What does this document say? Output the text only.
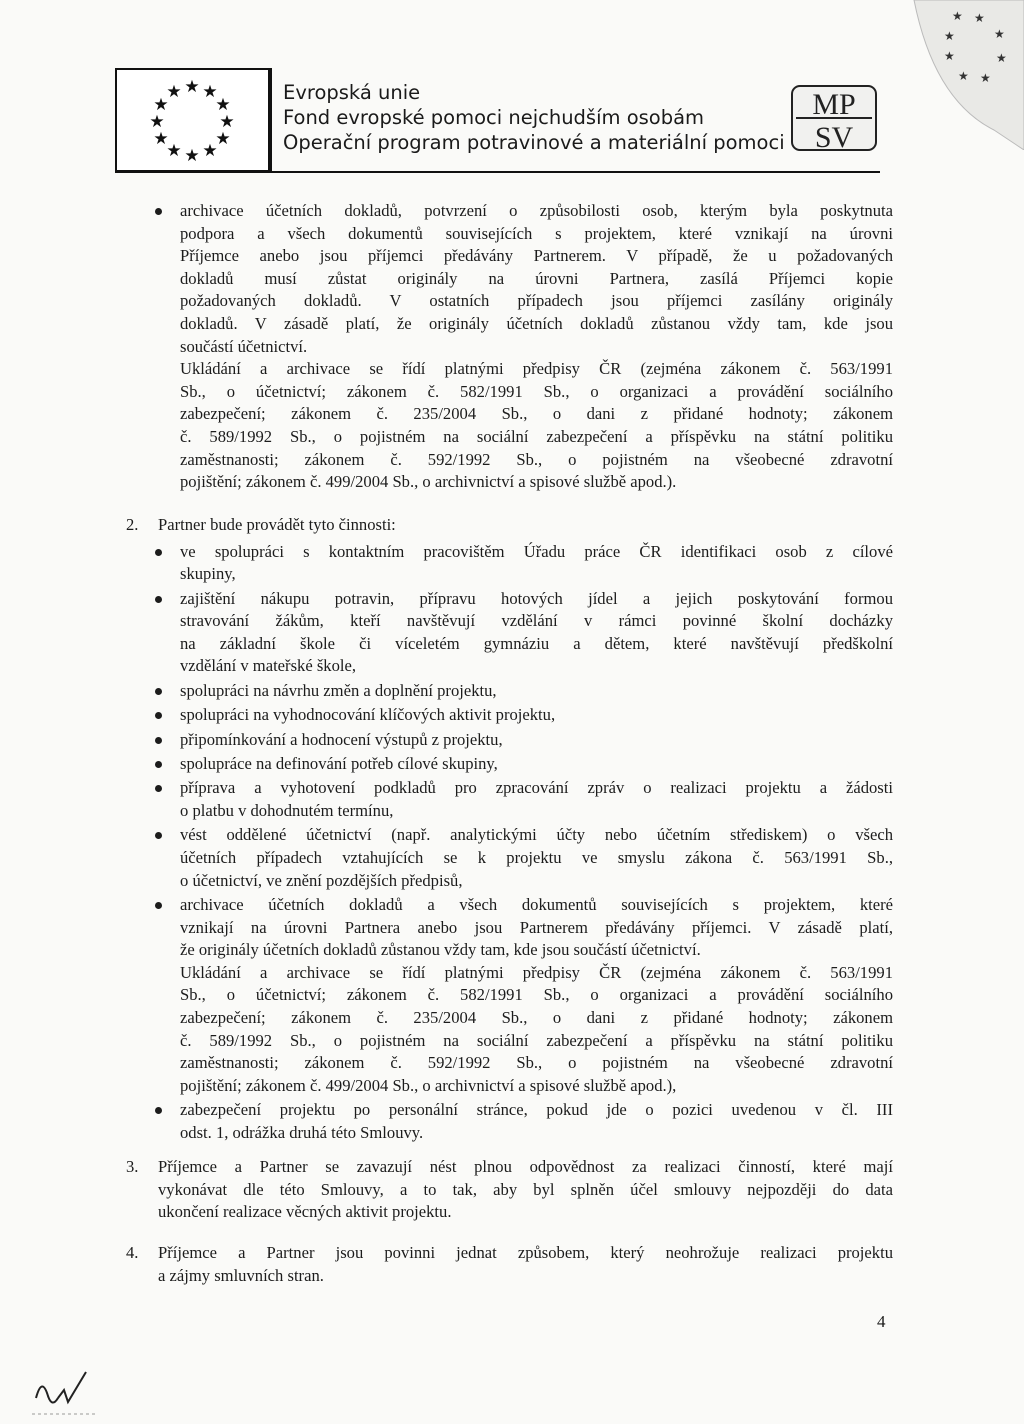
★ ★
★	★
★	★
★ ★
★ ★
★
★
★
★
★
★
★
★
★
★	Evropská unie
Fond evropské pomoci nejchudším osobám
Operační program potravinové a materiální pomoci
MP
SV
archivace účetních dokladů, potvrzení o způsobilosti osob, kterým byla poskytnuta
podpora a všech dokumentů souvisejících s projektem, které vznikají na úrovni
Příjemce anebo jsou příjemci předávány Partnerem. V případě, že u požadovaných
dokladů musí zůstat originály na úrovni Partnera, zasílá Příjemci kopie
požadovaných dokladů. V ostatních případech jsou příjemci zasílány originály
dokladů. V zásadě platí, že originály účetních dokladů zůstanou vždy tam, kde jsou
součástí účetnictví.
Ukládání a archivace se řídí platnými předpisy ČR (zejména zákonem č. 563/1991
Sb., o účetnictví; zákonem č. 582/1991 Sb., o organizaci a provádění sociálního
zabezpečení; zákonem č. 235/2004 Sb., o dani z přidané hodnoty; zákonem
č. 589/1992 Sb., o pojistném na sociální zabezpečení a příspěvku na státní politiku
zaměstnanosti; zákonem č. 592/1992 Sb., o pojistném na všeobecné zdravotní
pojištění; zákonem č. 499/2004 Sb., o archivnictví a spisové službě apod.).
2. Partner bude provádět tyto činnosti:
ve spolupráci s kontaktním pracovištěm Úřadu práce ČR identifikaci osob z cílové
skupiny,
zajištění nákupu potravin, přípravu hotových jídel a jejich poskytování formou
stravování žákům, kteří navštěvují vzdělání v rámci povinné školní docházky
na základní škole či víceletém gymnáziu a dětem, které navštěvují předškolní
vzdělání v mateřské škole,
spolupráci na návrhu změn a doplnění projektu,
spolupráci na vyhodnocování klíčových aktivit projektu,
připomínkování a hodnocení výstupů z projektu,
spolupráce na definování potřeb cílové skupiny,
příprava a vyhotovení podkladů pro zpracování zpráv o realizaci projektu a žádosti
o platbu v dohodnutém termínu,
vést oddělené účetnictví (např. analytickými účty nebo účetním střediskem) o všech
účetních případech vztahujících se k projektu ve smyslu zákona č. 563/1991 Sb.,
o účetnictví, ve znění pozdějších předpisů,
archivace účetních dokladů a všech dokumentů souvisejících s projektem, které
vznikají na úrovni Partnera anebo jsou Partnerem předávány příjemci. V zásadě platí,
že originály účetních dokladů zůstanou vždy tam, kde jsou součástí účetnictví.
Ukládání a archivace se řídí platnými předpisy ČR (zejména zákonem č. 563/1991
Sb., o účetnictví; zákonem č. 582/1991 Sb., o organizaci a provádění sociálního
zabezpečení; zákonem č. 235/2004 Sb., o dani z přidané hodnoty; zákonem
č. 589/1992 Sb., o pojistném na sociální zabezpečení a příspěvku na státní politiku
zaměstnanosti; zákonem č. 592/1992 Sb., o pojistném na všeobecné zdravotní
pojištění; zákonem č. 499/2004 Sb., o archivnictví a spisové službě apod.),
zabezpečení projektu po personální stránce, pokud jde o pozici uvedenou v čl. III
odst. 1, odrážka druhá této Smlouvy.
3. Příjemce a Partner se zavazují nést plnou odpovědnost za realizaci činností, které mají
vykonávat dle této Smlouvy, a to tak, aby byl splněn účel smlouvy nejpozději do data
ukončení realizace věcných aktivit projektu.
4. Příjemce a Partner jsou povinni jednat způsobem, který neohrožuje realizaci projektu
a zájmy smluvních stran.
4
